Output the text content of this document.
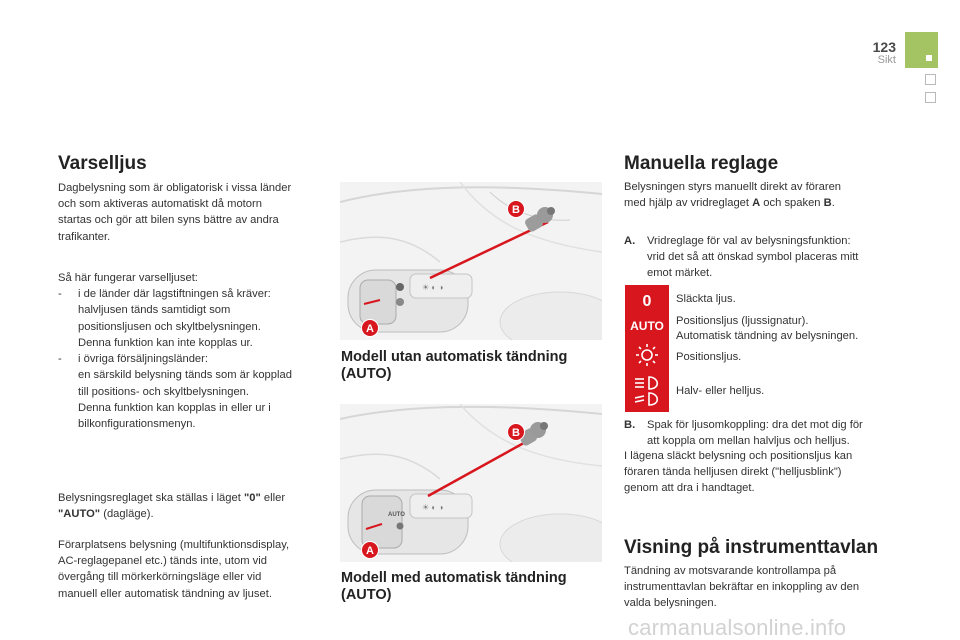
123
Sikt
Varselljus

Dagbelysning som är obligatorisk i vissa länder

och som aktiveras automatiskt då motorn

startas och gör att bilen syns bättre av andra

trafikanter.

Så här fungerar varselljuset:

- i de länder där lagstiftningen så kräver:

halvljusen tänds samtidigt som

positionsljusen och skyltbelysningen.

Denna funktion kan inte kopplas ur.

- i övriga försäljningsländer:

en särskild belysning tänds som är kopplad

till positions- och skyltbelysningen.

Denna funktion kan kopplas in eller ur i

bilkonfigurationsmenyn.

Belysningsreglaget ska ställas i läget "0" eller

"AUTO" (dagläge).

Förarplatsens belysning (multifunktionsdisplay,

AC-reglagepanel etc.) tänds inte, utom vid

övergång till mörkerkörningsläge eller vid

manuell eller automatisk tändning av ljuset.

☀ ◐ ◑
B
A
Modell utan automatisk tändning
(AUTO)
AUTO
☀ ◐ ◑
B
A
Modell med automatisk tändning
(AUTO)
Manuella reglage

Belysningen styrs manuellt direkt av föraren

med hjälp av vridreglaget A och spaken B.

A. Vridreglage för val av belysningsfunktion:

vrid det så att önskad symbol placeras mitt

emot märket.

0
AUTO

Släckta ljus.

Positionsljus (ljussignatur).

Automatisk tändning av belysningen.

Positionsljus.

Halv- eller helljus.

B. Spak för ljusomkoppling: dra det mot dig för

att koppla om mellan halvljus och helljus.

I lägena släckt belysning och positionsljus kan

föraren tända helljusen direkt ("helljusblink")

genom att dra i handtaget.

Visning på instrumenttavlan

Tändning av motsvarande kontrollampa på

instrumenttavlan bekräftar en inkoppling av den

valda belysningen.

carmanualsonline.info
